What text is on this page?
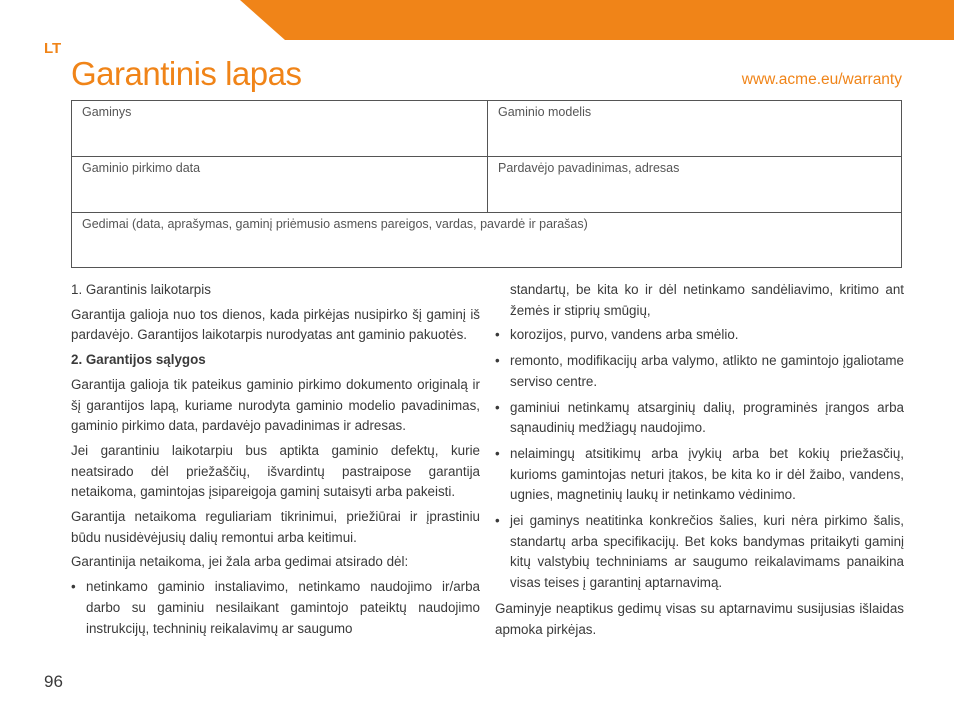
LT
Garantinis lapas	www.acme.eu/warranty
Gaminys	Gaminio modelis
Gaminio pirkimo data	Pardavėjo pavadinimas, adresas
Gedimai (data, aprašymas, gaminį priėmusio asmens pareigos, vardas, pavardė ir parašas)

1. Garantinis laikotarpis

Garantija galioja nuo tos dienos, kada pirkėjas nusipirko šį gaminį iš pardavėjo. Garantijos laikotarpis nurodyatas ant gaminio pakuotės.

2. Garantijos sąlygos

Garantija galioja tik pateikus gaminio pirkimo dokumento originalą ir šį garantijos lapą, kuriame nurodyta gaminio modelio pavadinimas, gaminio pirkimo data, pardavėjo pavadinimas ir adresas.

Jei garantiniu laikotarpiu bus aptikta gaminio defektų, kurie neatsirado dėl priežaščių, išvardintų pastraipose garantija netaikoma, gamintojas įsipareigoja gaminį sutaisyti arba pakeisti.

Garantija netaikoma reguliariam tikrinimui, priežiūrai ir įprastiniu būdu nusidėvėjusių dalių remontui arba keitimui.

Garantinija netaikoma, jei žala arba gedimai atsirado dėl:

• netinkamo gaminio instaliavimo, netinkamo naudojimo ir/arba darbo su gaminiu nesilaikant gamintojo pateiktų naudojimo instrukcijų, techninių reikalavimų ar saugumo

standartų, be kita ko ir dėl netinkamo sandėliavimo, kritimo ant žemės ir stiprių smūgių,

• korozijos, purvo, vandens arba smėlio.
• remonto, modifikacijų arba valymo, atlikto ne gamintojo įgaliotame serviso centre.
• gaminiui netinkamų atsarginių dalių, programinės įrangos arba sąnaudinių medžiagų naudojimo.
• nelaimingų atsitikimų arba įvykių arba bet kokių priežasčių, kurioms gamintojas neturi įtakos, be kita ko ir dėl žaibo, vandens, ugnies, magnetinių laukų ir netinkamo vėdinimo.
• jei gaminys neatitinka konkrečios šalies, kuri nėra pirkimo šalis, standartų arba specifikacijų. Bet koks bandymas pritaikyti gaminį kitų valstybių techniniams ar saugumo reikalavimams panaikina visas teises į garantinį aptarnavimą.

Gaminyje neaptikus gedimų visas su aptarnavimu susijusias išlaidas apmoka pirkėjas.

96
